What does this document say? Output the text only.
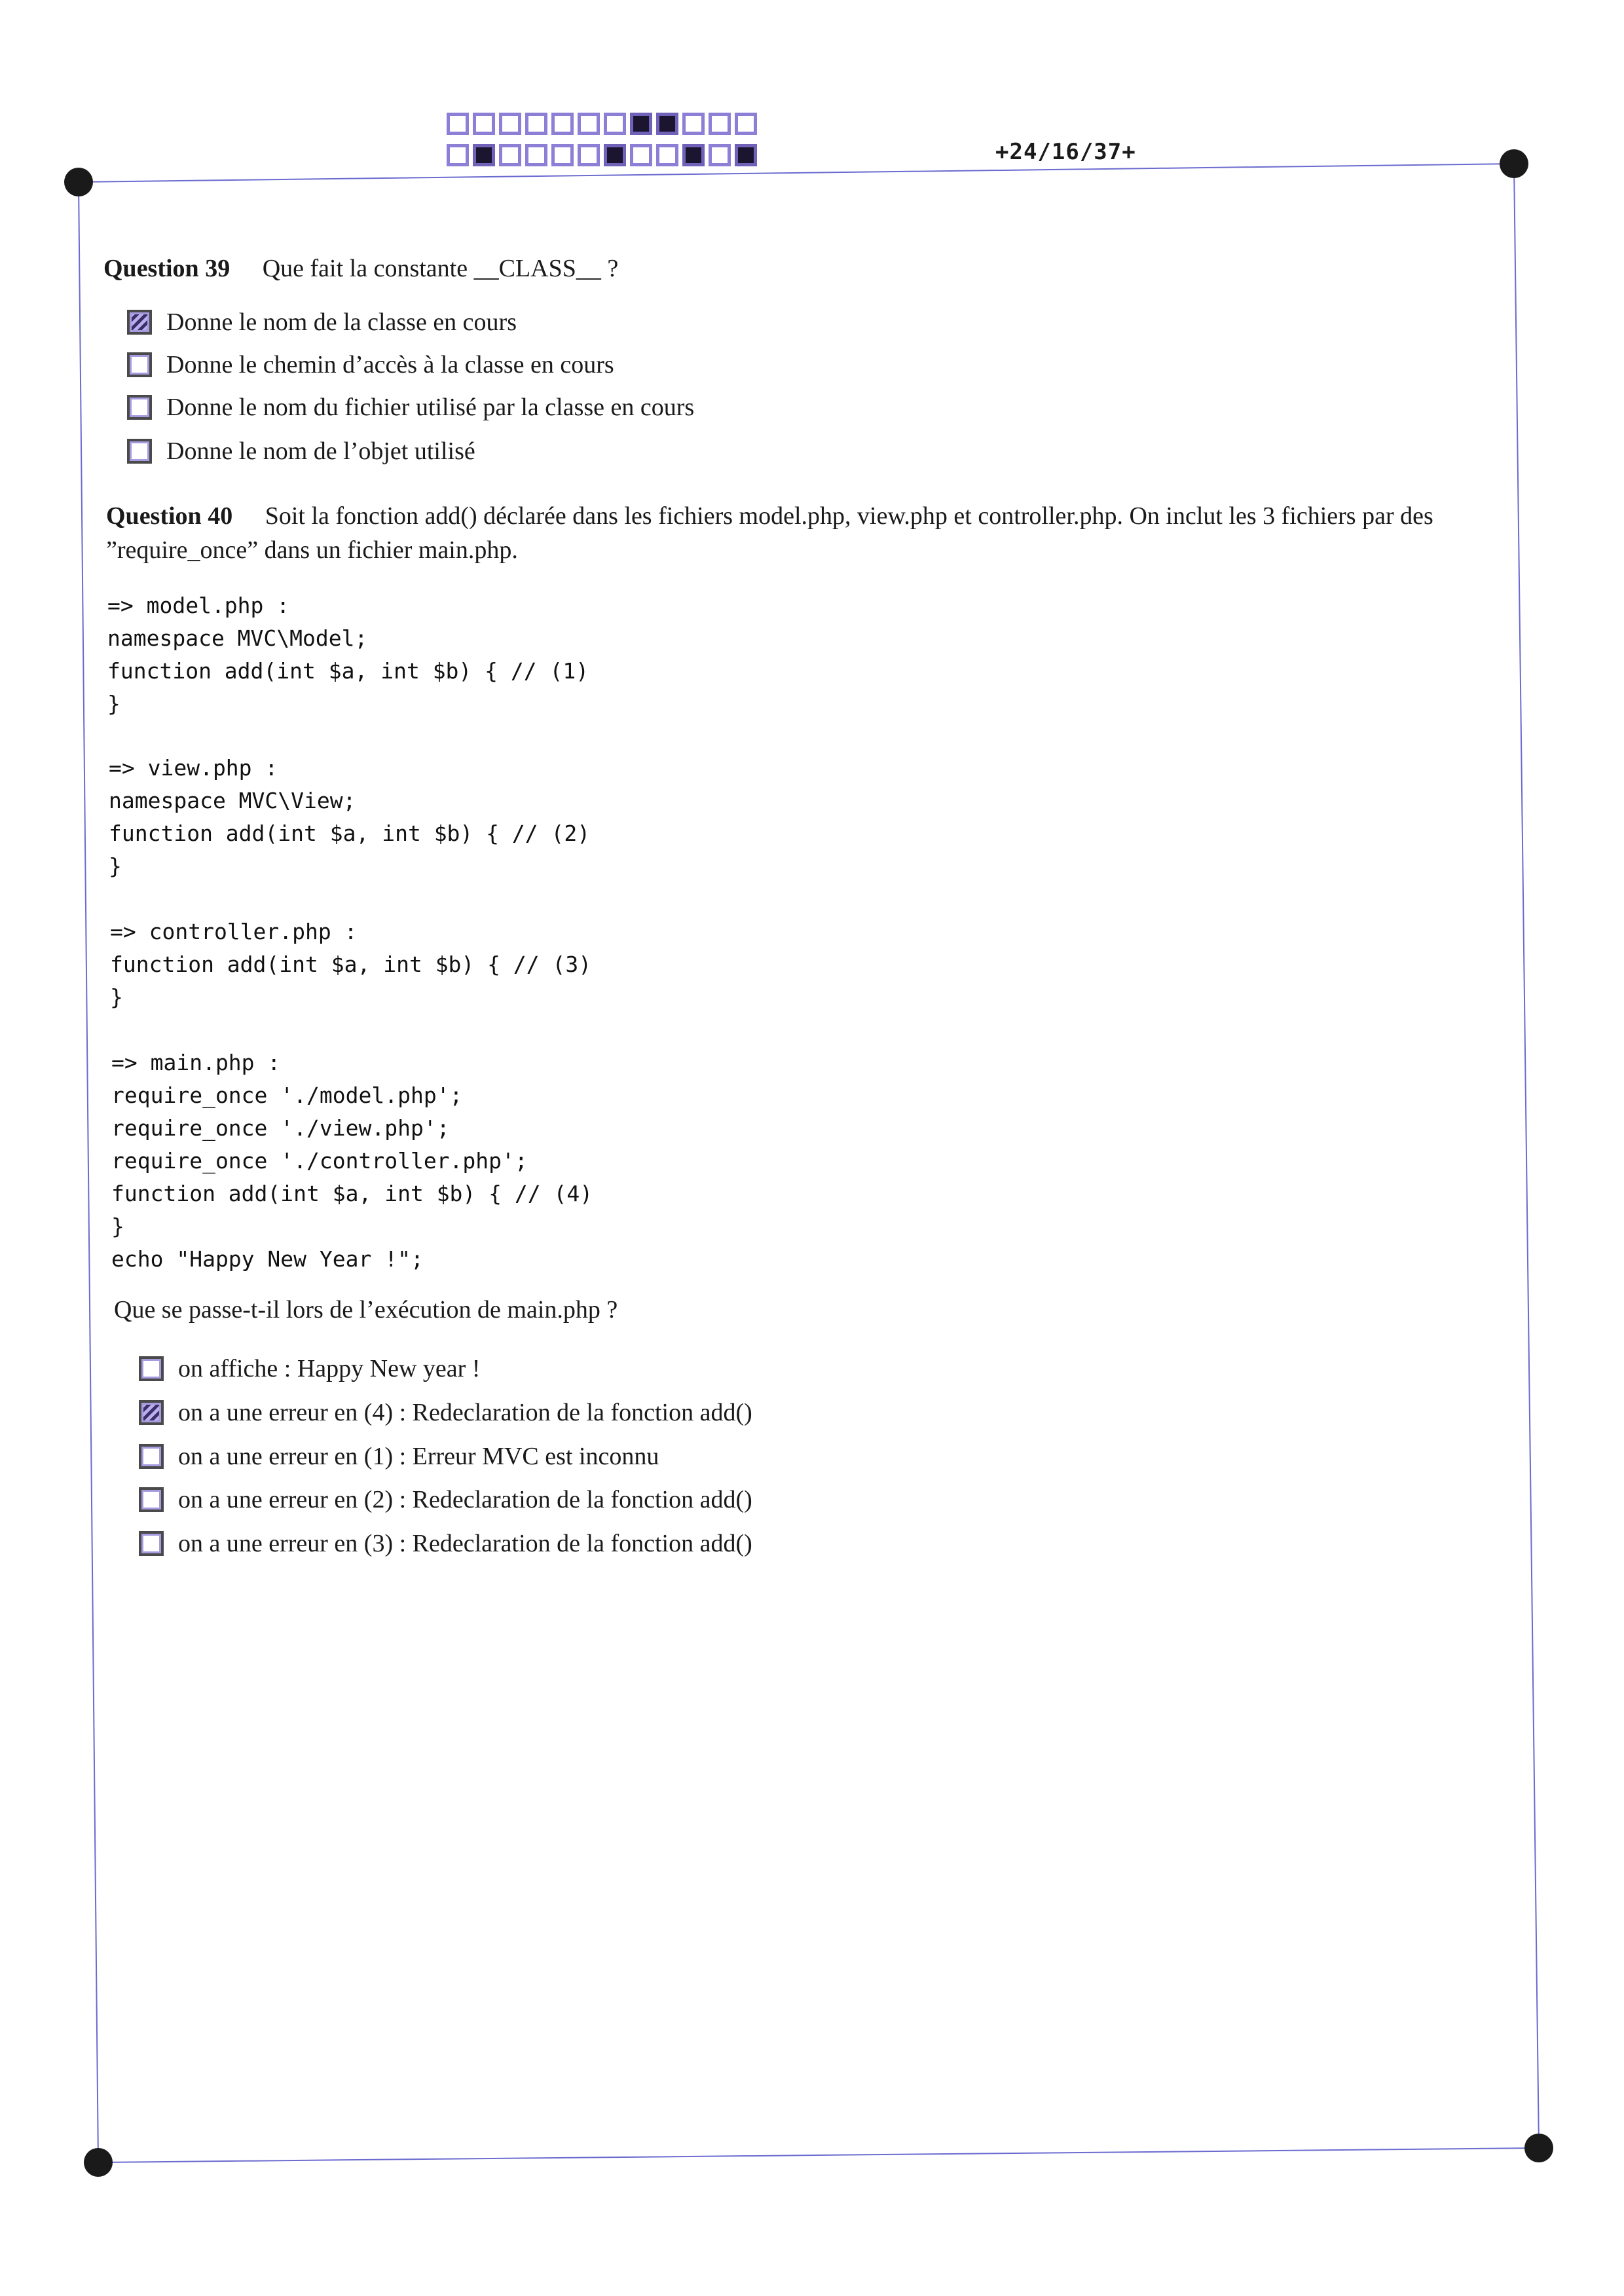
+24/16/37+
Question 39 Que fait la constante __CLASS__ ?
Donne le nom de la classe en cours
Donne le chemin d’accès à la classe en cours
Donne le nom du fichier utilisé par la classe en cours
Donne le nom de l’objet utilisé
Question 40 Soit la fonction add() déclarée dans les fichiers model.php, view.php et controller.php. On inclut les 3 fichiers par des ”require_once” dans un fichier main.php.
=> model.php :
namespace MVC\Model;
function add(int $a, int $b) { // (1)
}
=> view.php :
namespace MVC\View;
function add(int $a, int $b) { // (2)
}
=> controller.php :
function add(int $a, int $b) { // (3)
}
=> main.php :
require_once './model.php';
require_once './view.php';
require_once './controller.php';
function add(int $a, int $b) { // (4)
}
echo "Happy New Year !";
Que se passe-t-il lors de l’exécution de main.php ?
on affiche : Happy New year !
on a une erreur en (4) : Redeclaration de la fonction add()
on a une erreur en (1) : Erreur MVC est inconnu
on a une erreur en (2) : Redeclaration de la fonction add()
on a une erreur en (3) : Redeclaration de la fonction add()
